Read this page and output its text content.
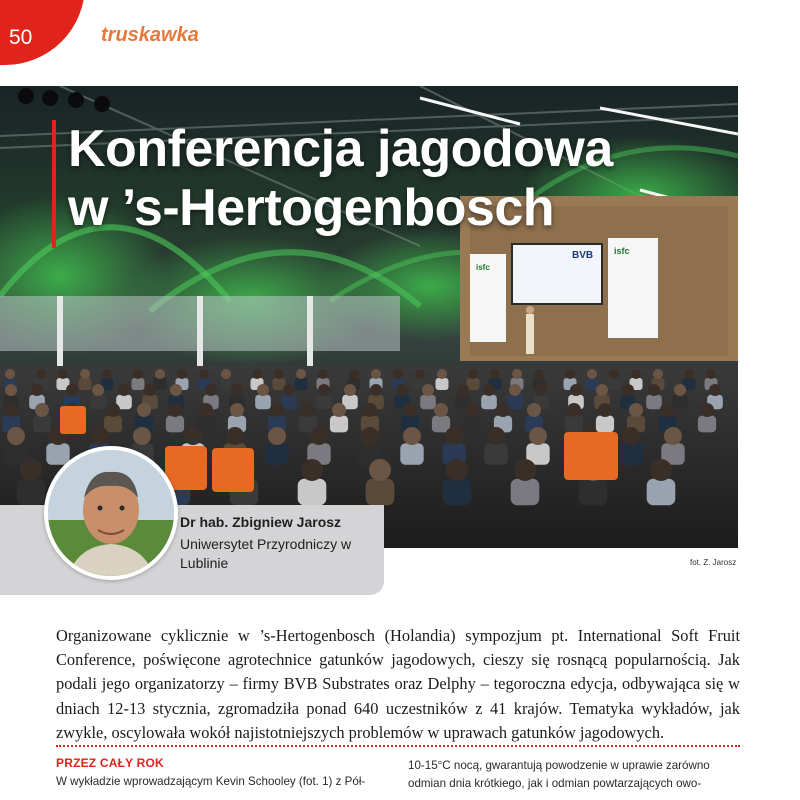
50	truskawka
isfc
isfc
BVB
Konferencja jagodowa
w ’s-Hertogenbosch
Dr hab. Zbigniew Jarosz
Uniwersytet Przyrodniczy w Lublinie	fot. Z. Jarosz

Organizowane cyklicznie w ’s-Hertogenbosch (Holandia) sympozjum pt. International Soft Fruit Conference, poświęcone agrotechnice gatunków jagodowych, cieszy się rosnącą popularnością. Jak podali jego organizatorzy – firmy BVB Substrates oraz Delphy – tegoroczna edycja, odbywająca się w dniach 12-13 stycznia, zgromadziła ponad 640 uczestników z 41 krajów. Tematyka wykładów, jak zwykle, oscylowała wokół najistotniejszych problemów w uprawach gatunków jagodowych.

PRZEZ CAŁY ROK

W wykładzie wprowadzającym Kevin Schooley (fot. 1) z Pół-

10-15°C nocą, gwarantują powodzenie w uprawie zarówno
odmian dnia krótkiego, jak i odmian powtarzających owo-
